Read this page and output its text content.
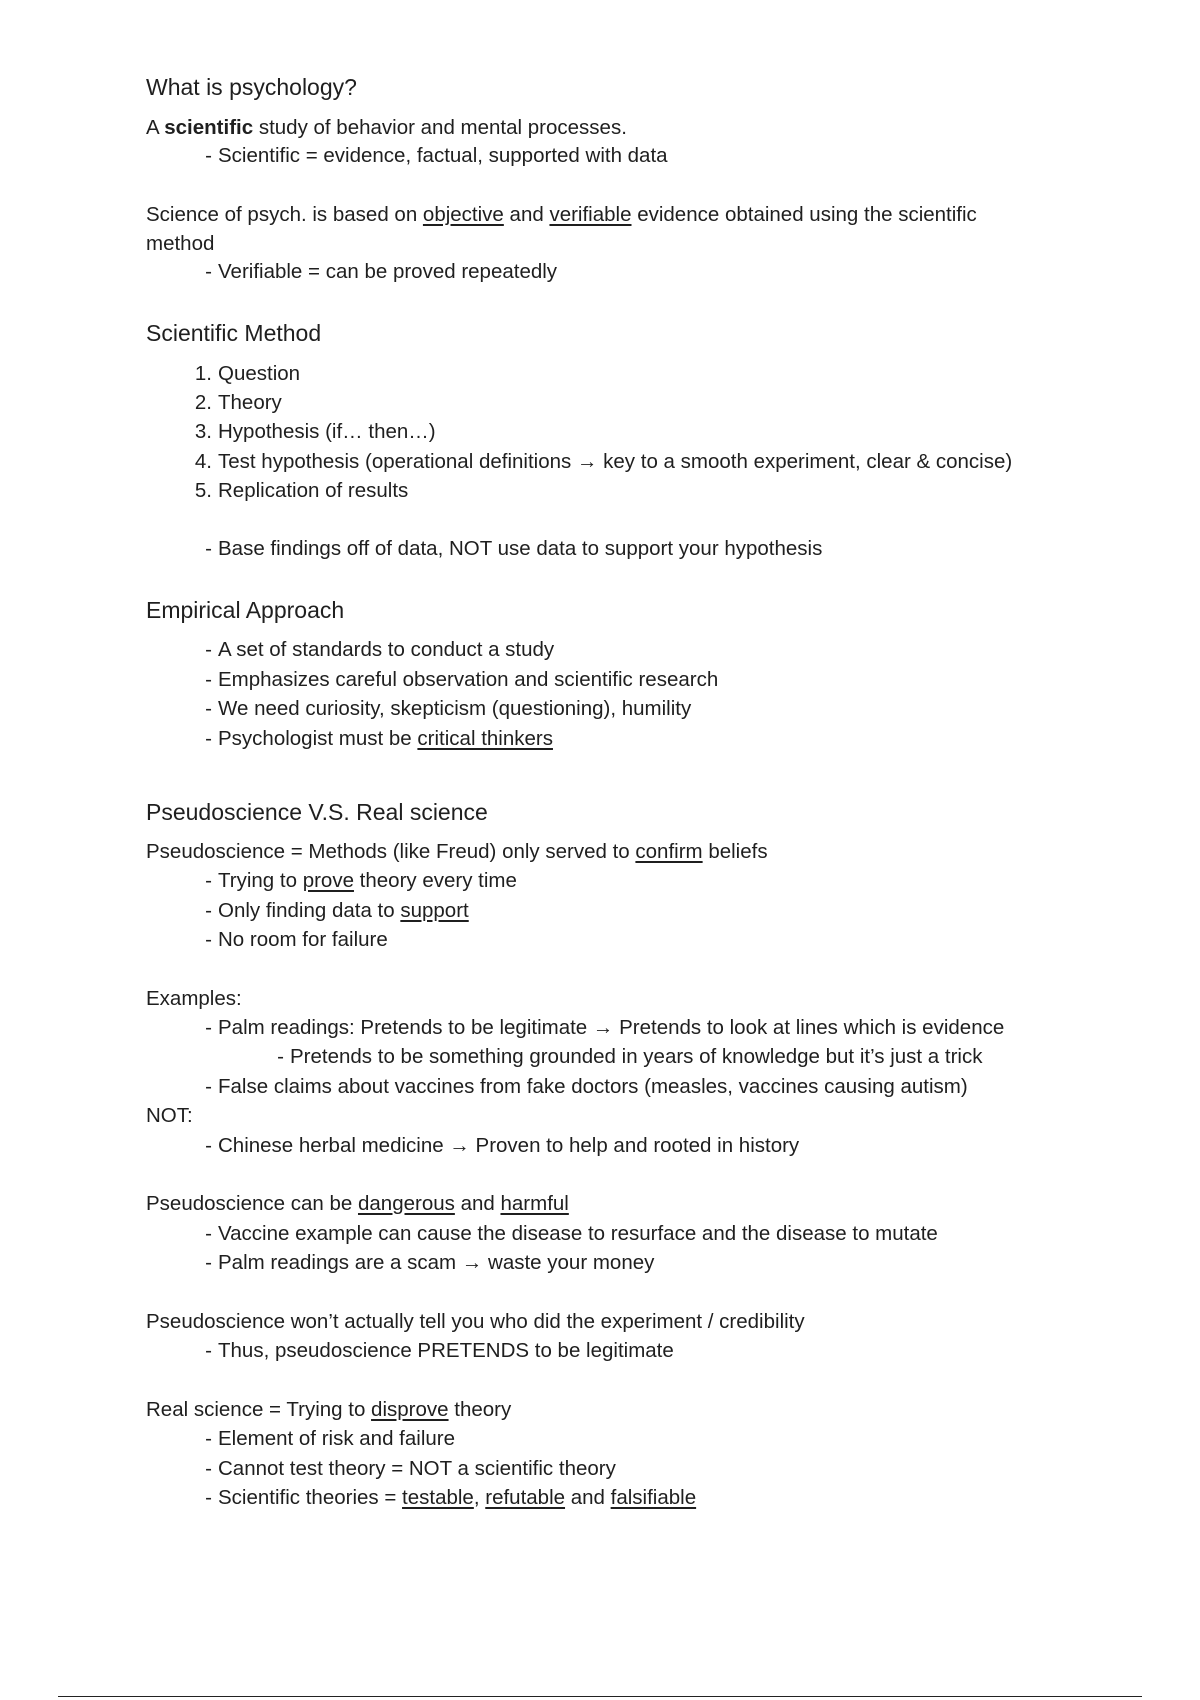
What is psychology?
A scientific study of behavior and mental processes.
- Scientific = evidence, factual, supported with data
Science of psych. is based on objective and verifiable evidence obtained using the scientific
method
- Verifiable = can be proved repeatedly
Scientific Method
1. Question
2. Theory
3. Hypothesis (if… then…)
4. Test hypothesis (operational definitions → key to a smooth experiment, clear & concise)
5. Replication of results
- Base findings off of data, NOT use data to support your hypothesis
Empirical Approach
- A set of standards to conduct a study
- Emphasizes careful observation and scientific research
- We need curiosity, skepticism (questioning), humility
- Psychologist must be critical thinkers
Pseudoscience V.S. Real science
Pseudoscience = Methods (like Freud) only served to confirm beliefs
- Trying to prove theory every time
- Only finding data to support
- No room for failure
Examples:
- Palm readings: Pretends to be legitimate → Pretends to look at lines which is evidence
- Pretends to be something grounded in years of knowledge but it’s just a trick
- False claims about vaccines from fake doctors (measles, vaccines causing autism)
NOT:
- Chinese herbal medicine → Proven to help and rooted in history
Pseudoscience can be dangerous and harmful
- Vaccine example can cause the disease to resurface and the disease to mutate
- Palm readings are a scam → waste your money
Pseudoscience won’t actually tell you who did the experiment / credibility
- Thus, pseudoscience PRETENDS to be legitimate
Real science = Trying to disprove theory
- Element of risk and failure
- Cannot test theory = NOT a scientific theory
- Scientific theories = testable, refutable and falsifiable
